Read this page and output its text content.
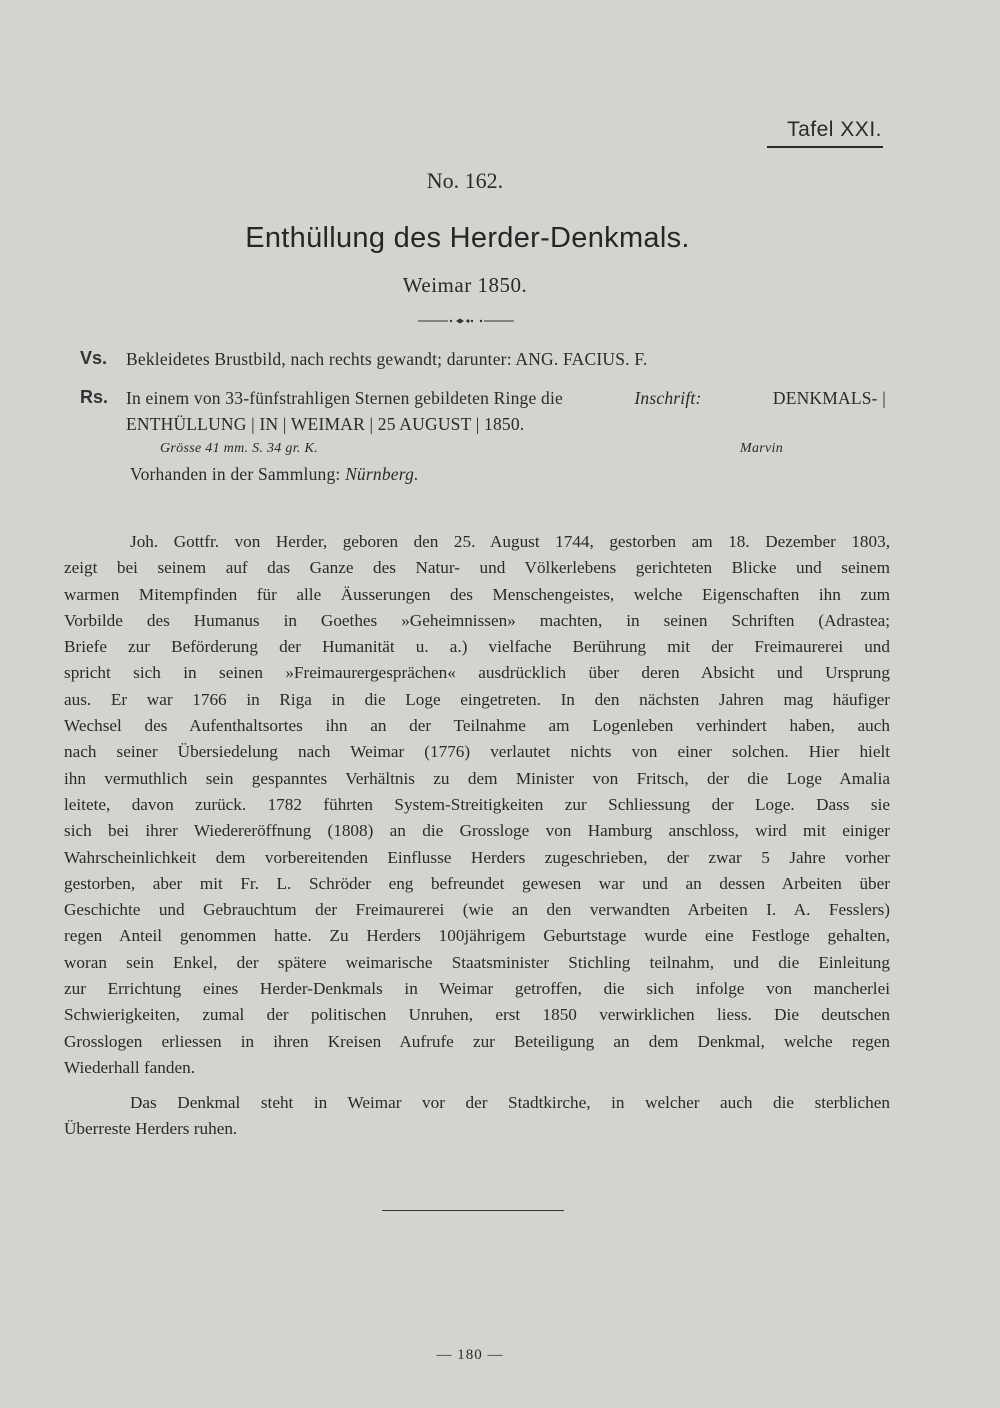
Tafel XXI.
No. 162.
Enthüllung des Herder-Denkmals.
Weimar 1850.
Vs. Bekleidetes Brustbild, nach rechts gewandt; darunter: ANG. FACIUS. F.
Rs. In einem von 33-fünfstrahligen Sternen gebildeten Ringe die	Inschrift:	DENKMALS- |
ENTHÜLLUNG | IN | WEIMAR | 25 AUGUST | 1850.
Grösse 41 mm. S. 34 gr. K.	Marvin
Vorhanden in der Sammlung: Nürnberg.
Joh. Gottfr. von Herder, geboren den 25. August 1744, gestorben am 18. Dezember 1803,
zeigt bei seinem auf das Ganze des Natur- und Völkerlebens gerichteten Blicke und seinem
warmen Mitempfinden für alle Äusserungen des Menschengeistes, welche Eigenschaften ihn zum
Vorbilde des Humanus in Goethes »Geheimnissen» machten, in seinen Schriften (Adrastea;
Briefe zur Beförderung der Humanität u. a.) vielfache Berührung mit der Freimaurerei und
spricht sich in seinen »Freimaurergesprächen« ausdrücklich über deren Absicht und Ursprung
aus. Er war 1766 in Riga in die Loge eingetreten. In den nächsten Jahren mag häufiger
Wechsel des Aufenthaltsortes ihn an der Teilnahme am Logenleben verhindert haben, auch
nach seiner Übersiedelung nach Weimar (1776) verlautet nichts von einer solchen. Hier hielt
ihn vermuthlich sein gespanntes Verhältnis zu dem Minister von Fritsch, der die Loge Amalia
leitete, davon zurück. 1782 führten System-Streitigkeiten zur Schliessung der Loge. Dass sie
sich bei ihrer Wiedereröffnung (1808) an die Grossloge von Hamburg anschloss, wird mit einiger
Wahrscheinlichkeit dem vorbereitenden Einflusse Herders zugeschrieben, der zwar 5 Jahre vorher
gestorben, aber mit Fr. L. Schröder eng befreundet gewesen war und an dessen Arbeiten über
Geschichte und Gebrauchtum der Freimaurerei (wie an den verwandten Arbeiten I. A. Fesslers)
regen Anteil genommen hatte. Zu Herders 100jährigem Geburtstage wurde eine Festloge gehalten,
woran sein Enkel, der spätere weimarische Staatsminister Stichling teilnahm, und die Einleitung
zur Errichtung eines Herder-Denkmals in Weimar getroffen, die sich infolge von mancherlei
Schwierigkeiten, zumal der politischen Unruhen, erst 1850 verwirklichen liess. Die deutschen
Grosslogen erliessen in ihren Kreisen Aufrufe zur Beteiligung an dem Denkmal, welche regen
Wiederhall fanden.
Das Denkmal steht in Weimar vor der Stadtkirche, in welcher auch die sterblichen
Überreste Herders ruhen.
— 180 —
